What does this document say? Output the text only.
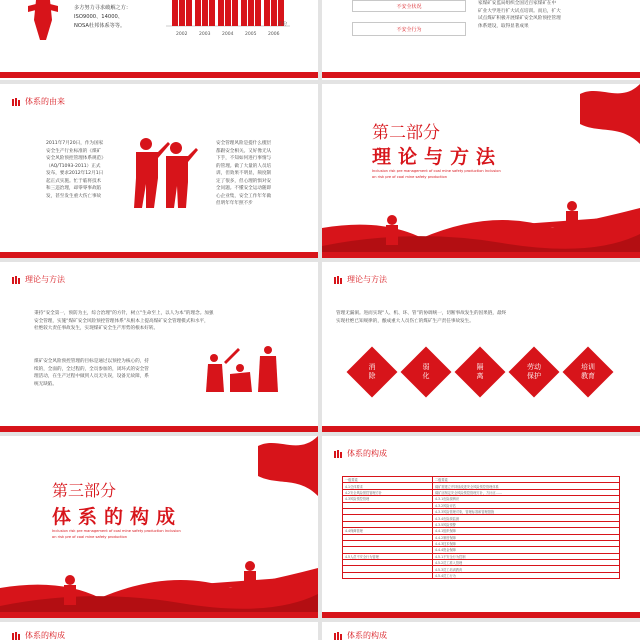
多方努力寻求破解之方：
ISO9000、14000、
NOSA杜邦体系等等。
2002	2003	2004	2005	2006
年份
不安全状况
不安全行为
家煤矿安监局组织全国近百家煤矿在中
矿业大学进行扩大试点培训。而后，扩大
试点煤矿积极开展煤矿安全风险预控管理
体系建设，取得显著成果
体系的由来
2011年7月20日，作为国家
安全生产行业标准的《煤矿
安全风险预控管理体系规范》
（AQ/T1093-2011）正式
发布，要求2012年12月1日
起正式实施。忙于临将技术
和三违治理，却零零事故陷
发，甚至发生重大伤亡事故
安全管理风险是提什么楔层
都跟安全相关。又好像无从
下手，不知如何进行事情与
的管理。做了大量的人员培
训，但效果不明显，频度制
定了很多，但心理的惧对安
全问题。不懂安全运动随即
心企业集，安全工作年年做
但明年年年照不步
第二部分
理论与方法
Inclusion risk pre management of coal mine safety production Inclusion
on risk pre of coal mine safety production
理论与方法
秉持“安全第一，预防为主，综合治理”的方针，树立“生命至上，以人为本”的理念。加强
安全管理，实施“煤矿安全风险预控管理体系”从根本上提高煤矿安全管理模式和水平，
杜绝较大责任事故发生，实现煤矿安全生产形势的根本好转。
煤矿安全风险预控管理的目标是通过以预控为核心的，持
续的，全面的，全过程的，全员参加的，闭环式的安全管
理活动，在生产过程中做到人员无失误，设备无故障，系
统无缺陷。
理论与方法
管理无漏洞。进而实现“人、机、环、管”的协调统一，切断事故发生的因果链，最终
实现杜绝已知规律的，酿成重大人员伤亡的煤矿生产责任事故发生。
消
除
弱
化
隔
离
劳动
保护
培训
教育
第三部分
体系的构成
Inclusion risk pre management of coal mine safety production Inclusion
on risk pre of coal mine safety production
体系的构成
一级要素	二级要素
4.1总体要求	煤矿需建立并持续改进安全风险预控管理体系
4.2安全风险预控管理方针	煤矿应制定安全风险预控管理方针，方针应……
4.3风险预控管理	4.3.1危险源辨识
	4.3.2风险评估
	4.3.3风险管理对象，管理标准和管理措施
	4.3.4危险源监测
	4.3.5风险预警
4.4保障管理	4.4.1组织保障
	4.4.2制度保障
	4.4.3技术保障
	4.4.4资金保障
4.5人员不安全行为管理	4.5.1不安全行为控制
	4.5.2员工准入管理
	4.5.3员工培训教育
	4.5.4员工行为
体系的构成	体系的构成
